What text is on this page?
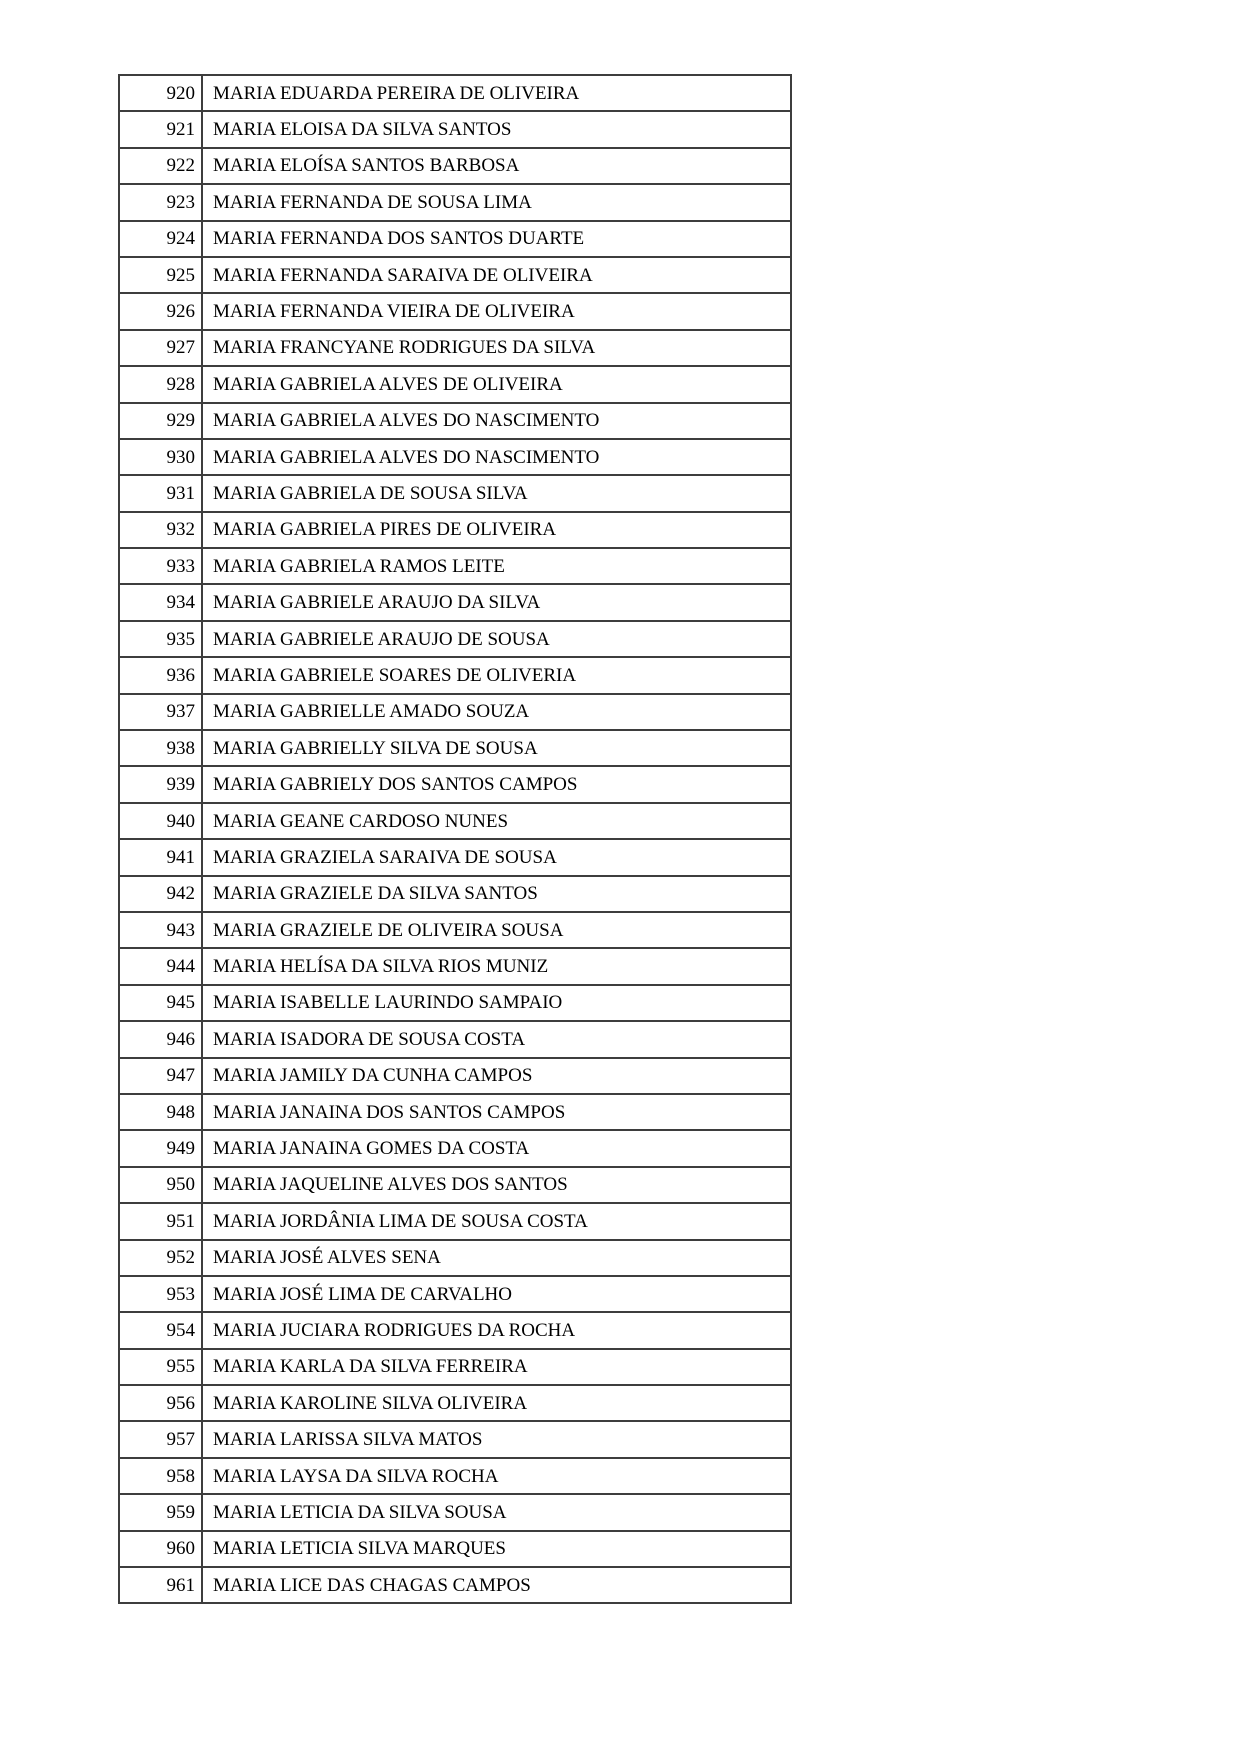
920	MARIA EDUARDA PEREIRA DE OLIVEIRA
921	MARIA ELOISA DA SILVA SANTOS
922	MARIA ELOÍSA SANTOS BARBOSA
923	MARIA FERNANDA DE SOUSA LIMA
924	MARIA FERNANDA DOS SANTOS DUARTE
925	MARIA FERNANDA SARAIVA DE OLIVEIRA
926	MARIA FERNANDA VIEIRA DE OLIVEIRA
927	MARIA FRANCYANE RODRIGUES DA SILVA
928	MARIA GABRIELA ALVES DE OLIVEIRA
929	MARIA GABRIELA ALVES DO NASCIMENTO
930	MARIA GABRIELA ALVES DO NASCIMENTO
931	MARIA GABRIELA DE SOUSA SILVA
932	MARIA GABRIELA PIRES DE OLIVEIRA
933	MARIA GABRIELA RAMOS LEITE
934	MARIA GABRIELE ARAUJO DA SILVA
935	MARIA GABRIELE ARAUJO DE SOUSA
936	MARIA GABRIELE SOARES DE OLIVERIA
937	MARIA GABRIELLE AMADO SOUZA
938	MARIA GABRIELLY SILVA DE SOUSA
939	MARIA GABRIELY DOS SANTOS CAMPOS
940	MARIA GEANE CARDOSO NUNES
941	MARIA GRAZIELA SARAIVA DE SOUSA
942	MARIA GRAZIELE DA SILVA SANTOS
943	MARIA GRAZIELE DE OLIVEIRA SOUSA
944	MARIA HELÍSA DA SILVA RIOS MUNIZ
945	MARIA ISABELLE LAURINDO SAMPAIO
946	MARIA ISADORA DE SOUSA COSTA
947	MARIA JAMILY DA CUNHA CAMPOS
948	MARIA JANAINA DOS SANTOS CAMPOS
949	MARIA JANAINA GOMES DA COSTA
950	MARIA JAQUELINE ALVES DOS SANTOS
951	MARIA JORDÂNIA LIMA DE SOUSA COSTA
952	MARIA JOSÉ ALVES SENA
953	MARIA JOSÉ LIMA DE CARVALHO
954	MARIA JUCIARA RODRIGUES DA ROCHA
955	MARIA KARLA DA SILVA FERREIRA
956	MARIA KAROLINE SILVA OLIVEIRA
957	MARIA LARISSA SILVA MATOS
958	MARIA LAYSA DA SILVA ROCHA
959	MARIA LETICIA DA SILVA SOUSA
960	MARIA LETICIA SILVA MARQUES
961	MARIA LICE DAS CHAGAS CAMPOS
